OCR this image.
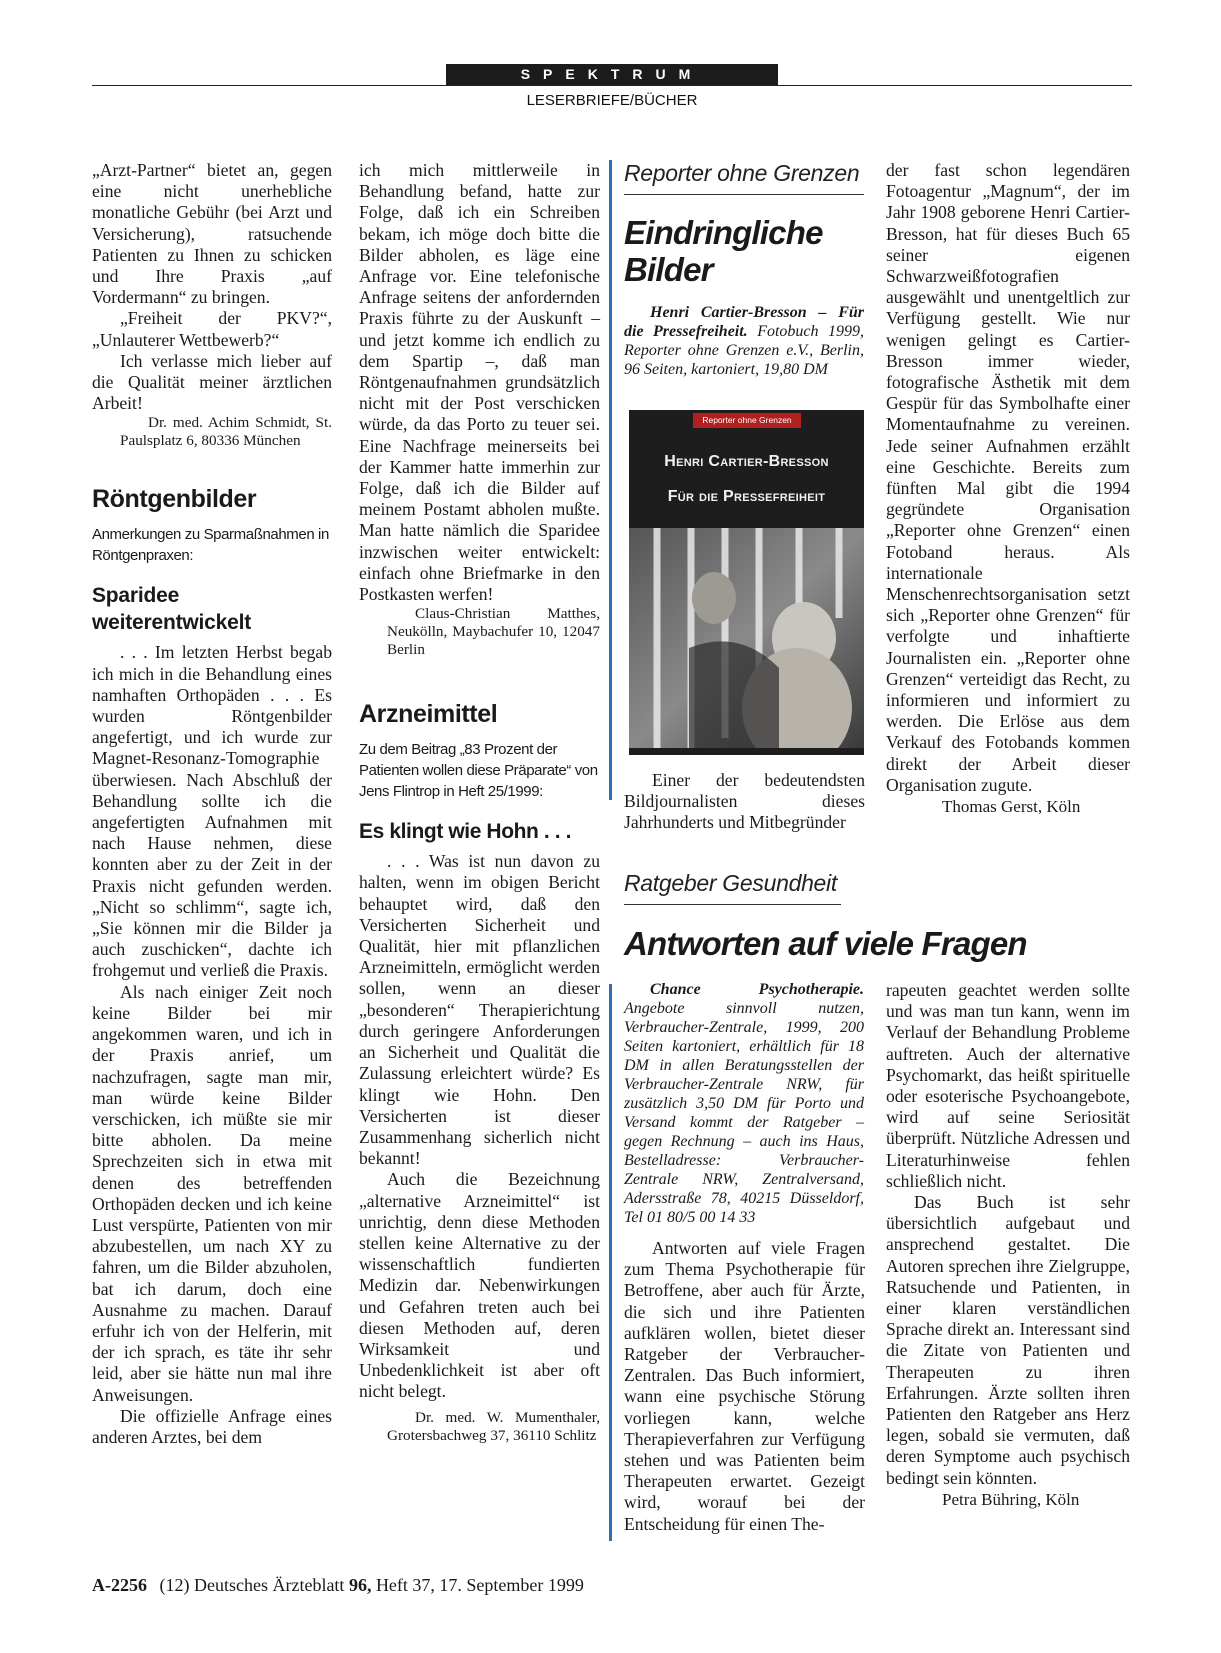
SPEKTRUM
LESERBRIEFE/BÜCHER

„Arzt-Partner“ bietet an, gegen eine nicht unerhebliche monatliche Gebühr (bei Arzt und Versicherung), ratsuchende Patienten zu Ihnen zu schicken und Ihre Praxis „auf Vordermann“ zu bringen.

„Freiheit der PKV?“, „Unlauterer Wettbewerb?“

Ich verlasse mich lieber auf die Qualität meiner ärztlichen Arbeit!

Dr. med. Achim Schmidt, St. Paulsplatz 6, 80336 München

Röntgenbilder
Anmerkungen zu Sparmaßnahmen in Röntgenpraxen:
Sparidee weiterentwickelt

. . . Im letzten Herbst begab ich mich in die Behandlung eines namhaften Orthopäden . . . Es wurden Röntgenbilder angefertigt, und ich wurde zur Magnet-Resonanz-Tomographie überwiesen. Nach Abschluß der Behandlung sollte ich die angefertigten Aufnahmen mit nach Hause nehmen, diese konnten aber zu der Zeit in der Praxis nicht gefunden werden. „Nicht so schlimm“, sagte ich, „Sie können mir die Bilder ja auch zuschicken“, dachte ich frohgemut und verließ die Praxis.

Als nach einiger Zeit noch keine Bilder bei mir angekommen waren, und ich in der Praxis anrief, um nachzufragen, sagte man mir, man würde keine Bilder verschicken, ich müßte sie mir bitte abholen. Da meine Sprechzeiten sich in etwa mit denen des betreffenden Orthopäden decken und ich keine Lust verspürte, Patienten von mir abzubestellen, um nach XY zu fahren, um die Bilder abzuholen, bat ich darum, doch eine Ausnahme zu machen. Darauf erfuhr ich von der Helferin, mit der ich sprach, es täte ihr sehr leid, aber sie hätte nun mal ihre Anweisungen.

Die offizielle Anfrage eines anderen Arztes, bei dem

ich mich mittlerweile in Behandlung befand, hatte zur Folge, daß ich ein Schreiben bekam, ich möge doch bitte die Bilder abholen, es läge eine Anfrage vor. Eine telefonische Anfrage seitens der anfordernden Praxis führte zu der Auskunft – und jetzt komme ich endlich zu dem Spartip –, daß man Röntgenaufnahmen grundsätzlich nicht mit der Post verschicken würde, da das Porto zu teuer sei. Eine Nachfrage meinerseits bei der Kammer hatte immerhin zur Folge, daß ich die Bilder auf meinem Postamt abholen mußte. Man hatte nämlich die Sparidee inzwischen weiter entwickelt: einfach ohne Briefmarke in den Postkasten werfen!

Claus-Christian Matthes, Neukölln, Maybachufer 10, 12047 Berlin

Arzneimittel
Zu dem Beitrag „83 Prozent der Patienten wollen diese Präparate“ von Jens Flintrop in Heft 25/1999:
Es klingt wie Hohn . . .

. . . Was ist nun davon zu halten, wenn im obigen Bericht behauptet wird, daß den Versicherten Sicherheit und Qualität, hier mit pflanzlichen Arzneimitteln, ermöglicht werden sollen, wenn an dieser „besonderen“ Therapierichtung durch geringere Anforderungen an Sicherheit und Qualität die Zulassung erleichtert würde? Es klingt wie Hohn. Den Versicherten ist dieser Zusammenhang sicherlich nicht bekannt!

Auch die Bezeichnung „alternative Arzneimittel“ ist unrichtig, denn diese Methoden stellen keine Alternative zu der wissenschaftlich fundierten Medizin dar. Nebenwirkungen und Gefahren treten auch bei diesen Methoden auf, deren Wirksamkeit und Unbedenklichkeit ist aber oft nicht belegt.

Dr. med. W. Mumenthaler, Grotersbachweg 37, 36110 Schlitz

Reporter ohne Grenzen
Eindringliche
Bilder

Henri Cartier-Bresson – Für die Pressefreiheit. Fotobuch 1999, Reporter ohne Grenzen e.V., Berlin, 96 Seiten, kartoniert, 19,80 DM

Reporter ohne Grenzen
Henri Cartier-Bresson
Für die Pressefreiheit

Einer der bedeutendsten Bildjournalisten dieses Jahrhunderts und Mitbegründer

der fast schon legendären Fotoagentur „Magnum“, der im Jahr 1908 geborene Henri Cartier-Bresson, hat für dieses Buch 65 seiner eigenen Schwarzweißfotografien ausgewählt und unentgeltlich zur Verfügung gestellt. Wie nur wenigen gelingt es Cartier-Bresson immer wieder, fotografische Ästhetik mit dem Gespür für das Symbolhafte einer Momentaufnahme zu vereinen. Jede seiner Aufnahmen erzählt eine Geschichte. Bereits zum fünften Mal gibt die 1994 gegründete Organisation „Reporter ohne Grenzen“ einen Fotoband heraus. Als internationale Menschenrechtsorganisation setzt sich „Reporter ohne Grenzen“ für verfolgte und inhaftierte Journalisten ein. „Reporter ohne Grenzen“ verteidigt das Recht, zu informieren und informiert zu werden. Die Erlöse aus dem Verkauf des Fotobands kommen direkt der Arbeit dieser Organisation zugute.

Thomas Gerst, Köln

Ratgeber Gesundheit
Antworten auf viele Fragen

Chance Psychotherapie. Angebote sinnvoll nutzen, Verbraucher-Zentrale, 1999, 200 Seiten kartoniert, erhältlich für 18 DM in allen Beratungsstellen der Verbraucher-Zentrale NRW, für zusätzlich 3,50 DM für Porto und Versand kommt der Ratgeber – gegen Rechnung – auch ins Haus, Bestelladresse: Verbraucher-Zentrale NRW, Zentralversand, Adersstraße 78, 40215 Düsseldorf, Tel 01 80/5 00 14 33

Antworten auf viele Fragen zum Thema Psychotherapie für Betroffene, aber auch für Ärzte, die sich und ihre Patienten aufklären wollen, bietet dieser Ratgeber der Verbraucher-Zentralen. Das Buch informiert, wann eine psychische Störung vorliegen kann, welche Therapieverfahren zur Verfügung stehen und was Patienten beim Therapeuten erwartet. Gezeigt wird, worauf bei der Entscheidung für einen The-

rapeuten geachtet werden sollte und was man tun kann, wenn im Verlauf der Behandlung Probleme auftreten. Auch der alternative Psychomarkt, das heißt spirituelle oder esoterische Psychoangebote, wird auf seine Seriosität überprüft. Nützliche Adressen und Literaturhinweise fehlen schließlich nicht.

Das Buch ist sehr übersichtlich aufgebaut und ansprechend gestaltet. Die Autoren sprechen ihre Zielgruppe, Ratsuchende und Patienten, in einer klaren verständlichen Sprache direkt an. Interessant sind die Zitate von Patienten und Therapeuten zu ihren Erfahrungen. Ärzte sollten ihren Patienten den Ratgeber ans Herz legen, sobald sie vermuten, daß deren Symptome auch psychisch bedingt sein könnten.

Petra Bühring, Köln

A-2256 (12) Deutsches Ärzteblatt 96, Heft 37, 17. September 1999
